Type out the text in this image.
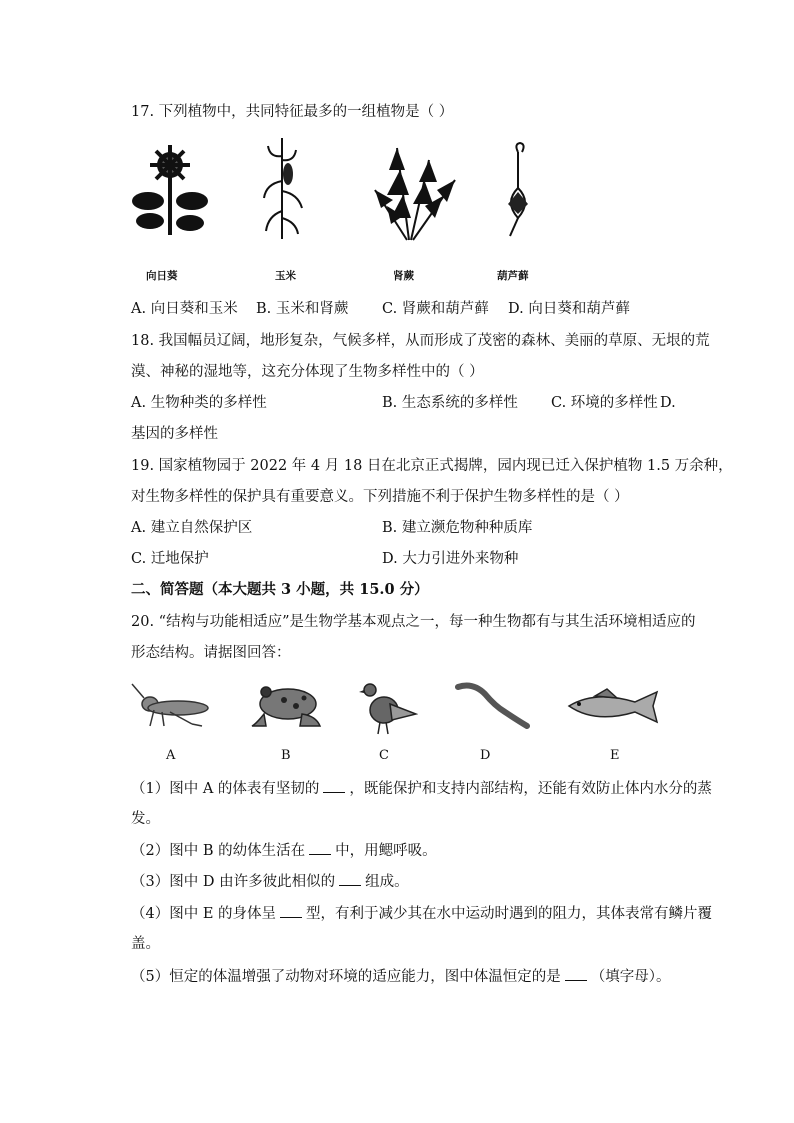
17. 下列植物中，共同特征最多的一组植物是（ ）
向日葵	玉米	肾蕨	葫芦藓
A. 向日葵和玉米 B. 玉米和肾蕨 C. 肾蕨和葫芦藓 D. 向日葵和葫芦藓
18. 我国幅员辽阔，地形复杂，气候多样，从而形成了茂密的森林、美丽的草原、无垠的荒
漠、神秘的湿地等，这充分体现了生物多样性中的（ ）
A. 生物种类的多样性	B. 生态系统的多样性 C. 环境的多样性 D.
基因的多样性
19. 国家植物园于 2022 年 4 月 18 日在北京正式揭牌，园内现已迁入保护植物 1.5 万余种，
对生物多样性的保护具有重要意义。下列措施不利于保护生物多样性的是（ ）
A. 建立自然保护区	B. 建立濒危物种种质库
C. 迁地保护	D. 大力引进外来物种
二、简答题（本大题共 3 小题，共 15.0 分）
20. “结构与功能相适应”是生物学基本观点之一，每一种生物都有与其生活环境相适应的
形态结构。请据图回答：
A	B	C	D	E
（1）图中 A 的体表有坚韧的 ，既能保护和支持内部结构，还能有效防止体内水分的蒸
发。
（2）图中 B 的幼体生活在 中，用鳃呼吸。
（3）图中 D 由许多彼此相似的 组成。
（4）图中 E 的身体呈 型，有利于减少其在水中运动时遇到的阻力，其体表常有鳞片覆
盖。
（5）恒定的体温增强了动物对环境的适应能力，图中体温恒定的是 （填字母）。
